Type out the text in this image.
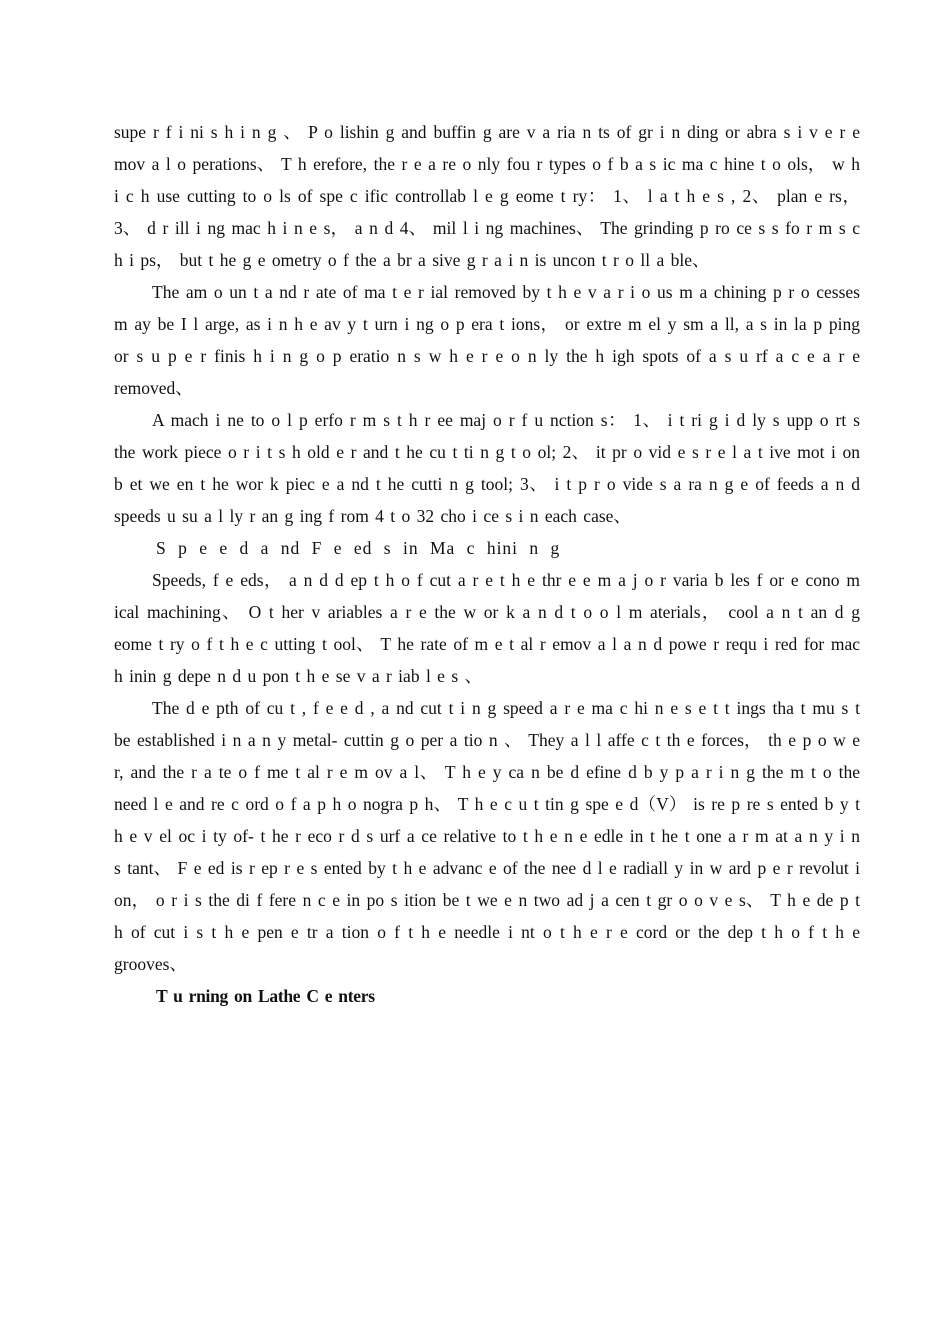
supe r f i ni s h i n g 、 P o lishin g and buffin g are v a ria n ts of gr i n ding or abra s i v e r e mov a l o perations、 T h erefore, the r e a re o nly fou r types o f b a s ic ma c hine t o ols， w h i c h use cutting to o ls of spe c ific controllab l e g eome t ry： 1、 l a t h e s , 2、 plan e rs， 3、 d r ill i ng mac h i n e s， a n d 4、 mil l i ng machines、 The grinding p ro ce s s fo r m s c h i ps， but t he g e ometry o f the a br a sive g r a i n is uncon t r o ll a ble、

The am o un t a nd r ate of ma t e r ial removed by t h e v a r i o us m a chining p r o cesses m ay be I l arge, as i n h e av y t urn i ng o p era t ions， or extre m el y sm a ll, a s in la p ping or s u p e r finis h i n g o p eratio n s w h e r e o n ly the h igh spots of a s u rf a c e a r e removed、

A mach i ne to o l p erfo r m s t h r ee maj o r f u nction s： 1、 i t ri g i d ly s upp o rt s the work piece o r i t s h old e r and t he cu t ti n g t o ol; 2、 it pr o vid e s r e l a t ive mot i on b et we en t he wor k piec e a nd t he cutti n g tool; 3、 i t p r o vide s a ra n g e of feeds a n d speeds u su a l ly r an g ing f rom 4 t o 32 cho i ce s i n each case、

S p e e d a nd F e ed s in Ma c hini n g

Speeds, f e eds， a n d d ep t h o f cut a r e t h e thr e e m a j o r varia b les f or e cono m ical machining、 O t her v ariables a r e the w or k a n d t o o l m aterials， cool a n t an d g eome t ry o f t h e c utting t ool、 T he rate of m e t al r emov a l a n d powe r requ i red for mac h inin g depe n d u pon t h e se v a r iab l e s 、

The d e pth of cu t , f e e d , a nd cut t i n g speed a r e ma c hi n e s e t t ings tha t mu s t be established i n a n y metal- cuttin g o per a tio n 、 They a l l affe c t th e forces， th e p o w e r, and the r a te o f me t al r e m ov a l、 T h e y ca n be d efine d b y p a r i n g the m t o the need l e and re c ord o f a p h o nogra p h、 T h e c u t tin g spe e d（V） is re p re s ented b y t h e v el oc i ty of- t he r eco r d s urf a ce relative to t h e n e edle in t he t one a r m at a n y i n s tant、 F e ed is r ep r e s ented by t h e advanc e of the nee d l e radiall y in w ard p e r revolut i on， o r i s the di f fere n c e in po s ition be t we e n two ad j a cen t gr o o v e s、 T h e de p t h of cut i s t h e pen e tr a tion o f t h e needle i nt o t h e r e cord or the dep t h o f t h e grooves、

T u rning on Lathe C e nters
